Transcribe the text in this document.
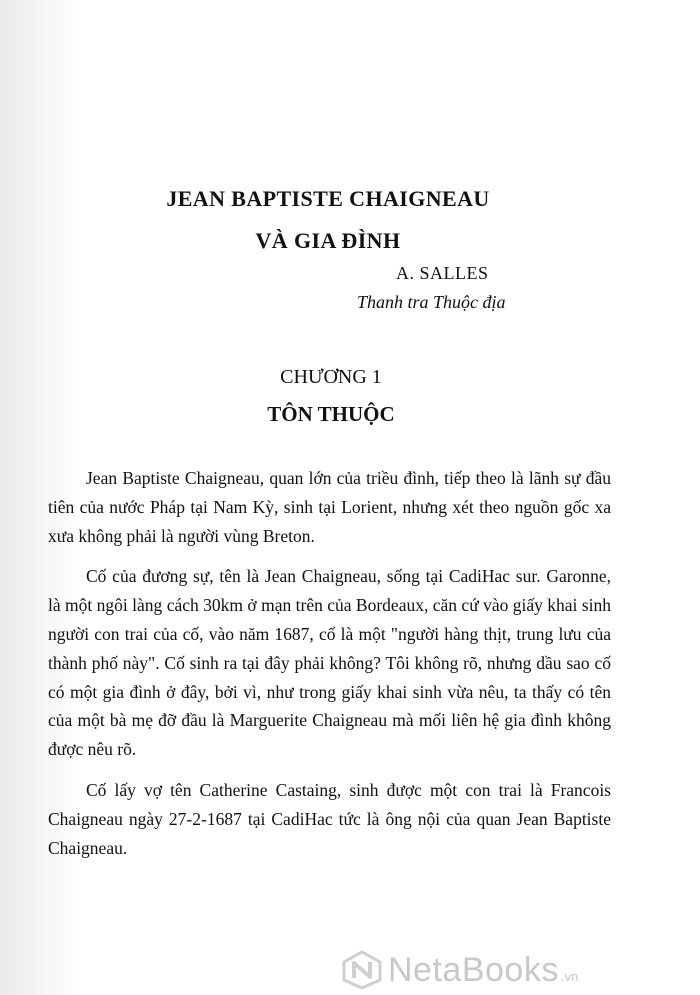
JEAN BAPTISTE CHAIGNEAU
VÀ GIA ĐÌNH
A. SALLES
Thanh tra Thuộc địa
CHƯƠNG 1
TÔN THUỘC

Jean Baptiste Chaigneau, quan lớn của triều đình, tiếp theo là lãnh sự đầu tiên của nước Pháp tại Nam Kỳ, sinh tại Lorient, nhưng xét theo nguồn gốc xa xưa không phải là người vùng Breton.

Cố của đương sự, tên là Jean Chaigneau, sống tại CadiHac sur. Garonne, là một ngôi làng cách 30km ở mạn trên của Bordeaux, căn cứ vào giấy khai sinh người con trai của cố, vào năm 1687, cố là một "người hàng thịt, trung lưu của thành phố này". Cố sinh ra tại đây phải không? Tôi không rõ, nhưng dầu sao cố có một gia đình ở đây, bởi vì, như trong giấy khai sinh vừa nêu, ta thấy có tên của một bà mẹ đỡ đầu là Marguerite Chaigneau mà mối liên hệ gia đình không được nêu rõ.

Cố lấy vợ tên Catherine Castaing, sinh được một con trai là Francois Chaigneau ngày 27-2-1687 tại CadiHac tức là ông nội của quan Jean Baptiste Chaigneau.

NetaBooks .vn
